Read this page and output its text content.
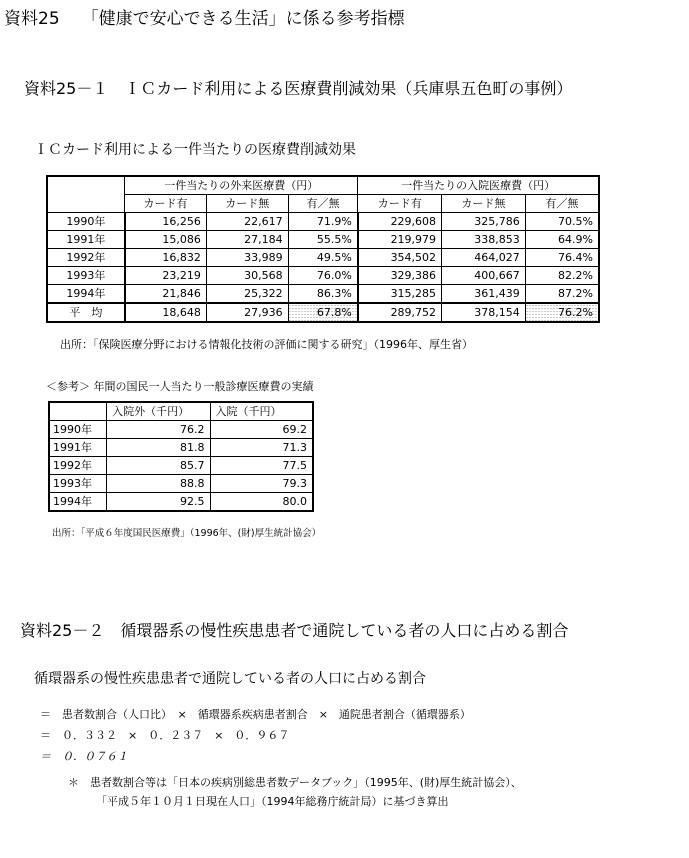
資料25 「健康で安心できる生活」に係る参考指標
資料25－１　ＩＣカード利用による医療費削減効果（兵庫県五色町の事例）
ＩＣカード利用による一件当たりの医療費削減効果
	一件当たりの外来医療費（円）			一件当たりの入院医療費（円）		
	カード有	カード無	有／無	カード有	カード無	有／無
1990年	16,256	22,617	71.9%	229,608	325,786	70.5%
1991年	15,086	27,184	55.5%	219,979	338,853	64.9%
1992年	16,832	33,989	49.5%	354,502	464,027	76.4%
1993年	23,219	30,568	76.0%	329,386	400,667	82.2%
1994年	21,846	25,322	86.3%	315,285	361,439	87.2%
平　均	18,648	27,936	67.8%	289,752	378,154	76.2%
出所：「保険医療分野における情報化技術の評価に関する研究」（1996年、厚生省）
＜参考＞ 年間の国民一人当たり一般診療医療費の実績
	入院外（千円）	入院（千円）
1990年	76.2	69.2
1991年	81.8	71.3
1992年	85.7	77.5
1993年	88.8	79.3
1994年	92.5	80.0
出所：「平成６年度国民医療費」（1996年、(財)厚生統計協会）
資料25－２　循環器系の慢性疾患患者で通院している者の人口に占める割合
循環器系の慢性疾患患者で通院している者の人口に占める割合
＝　患者数割合（人口比）　×　循環器系疾病患者割合　×　通院患者割合（循環器系）
＝　０．３３２　×　０．２３７　×　０．９６７
＝　０．０７６１
＊　患者数割合等は「日本の疾病別総患者数データブック」（1995年、(財)厚生統計協会）、
「平成５年１０月１日現在人口」（1994年総務庁統計局）に基づき算出
